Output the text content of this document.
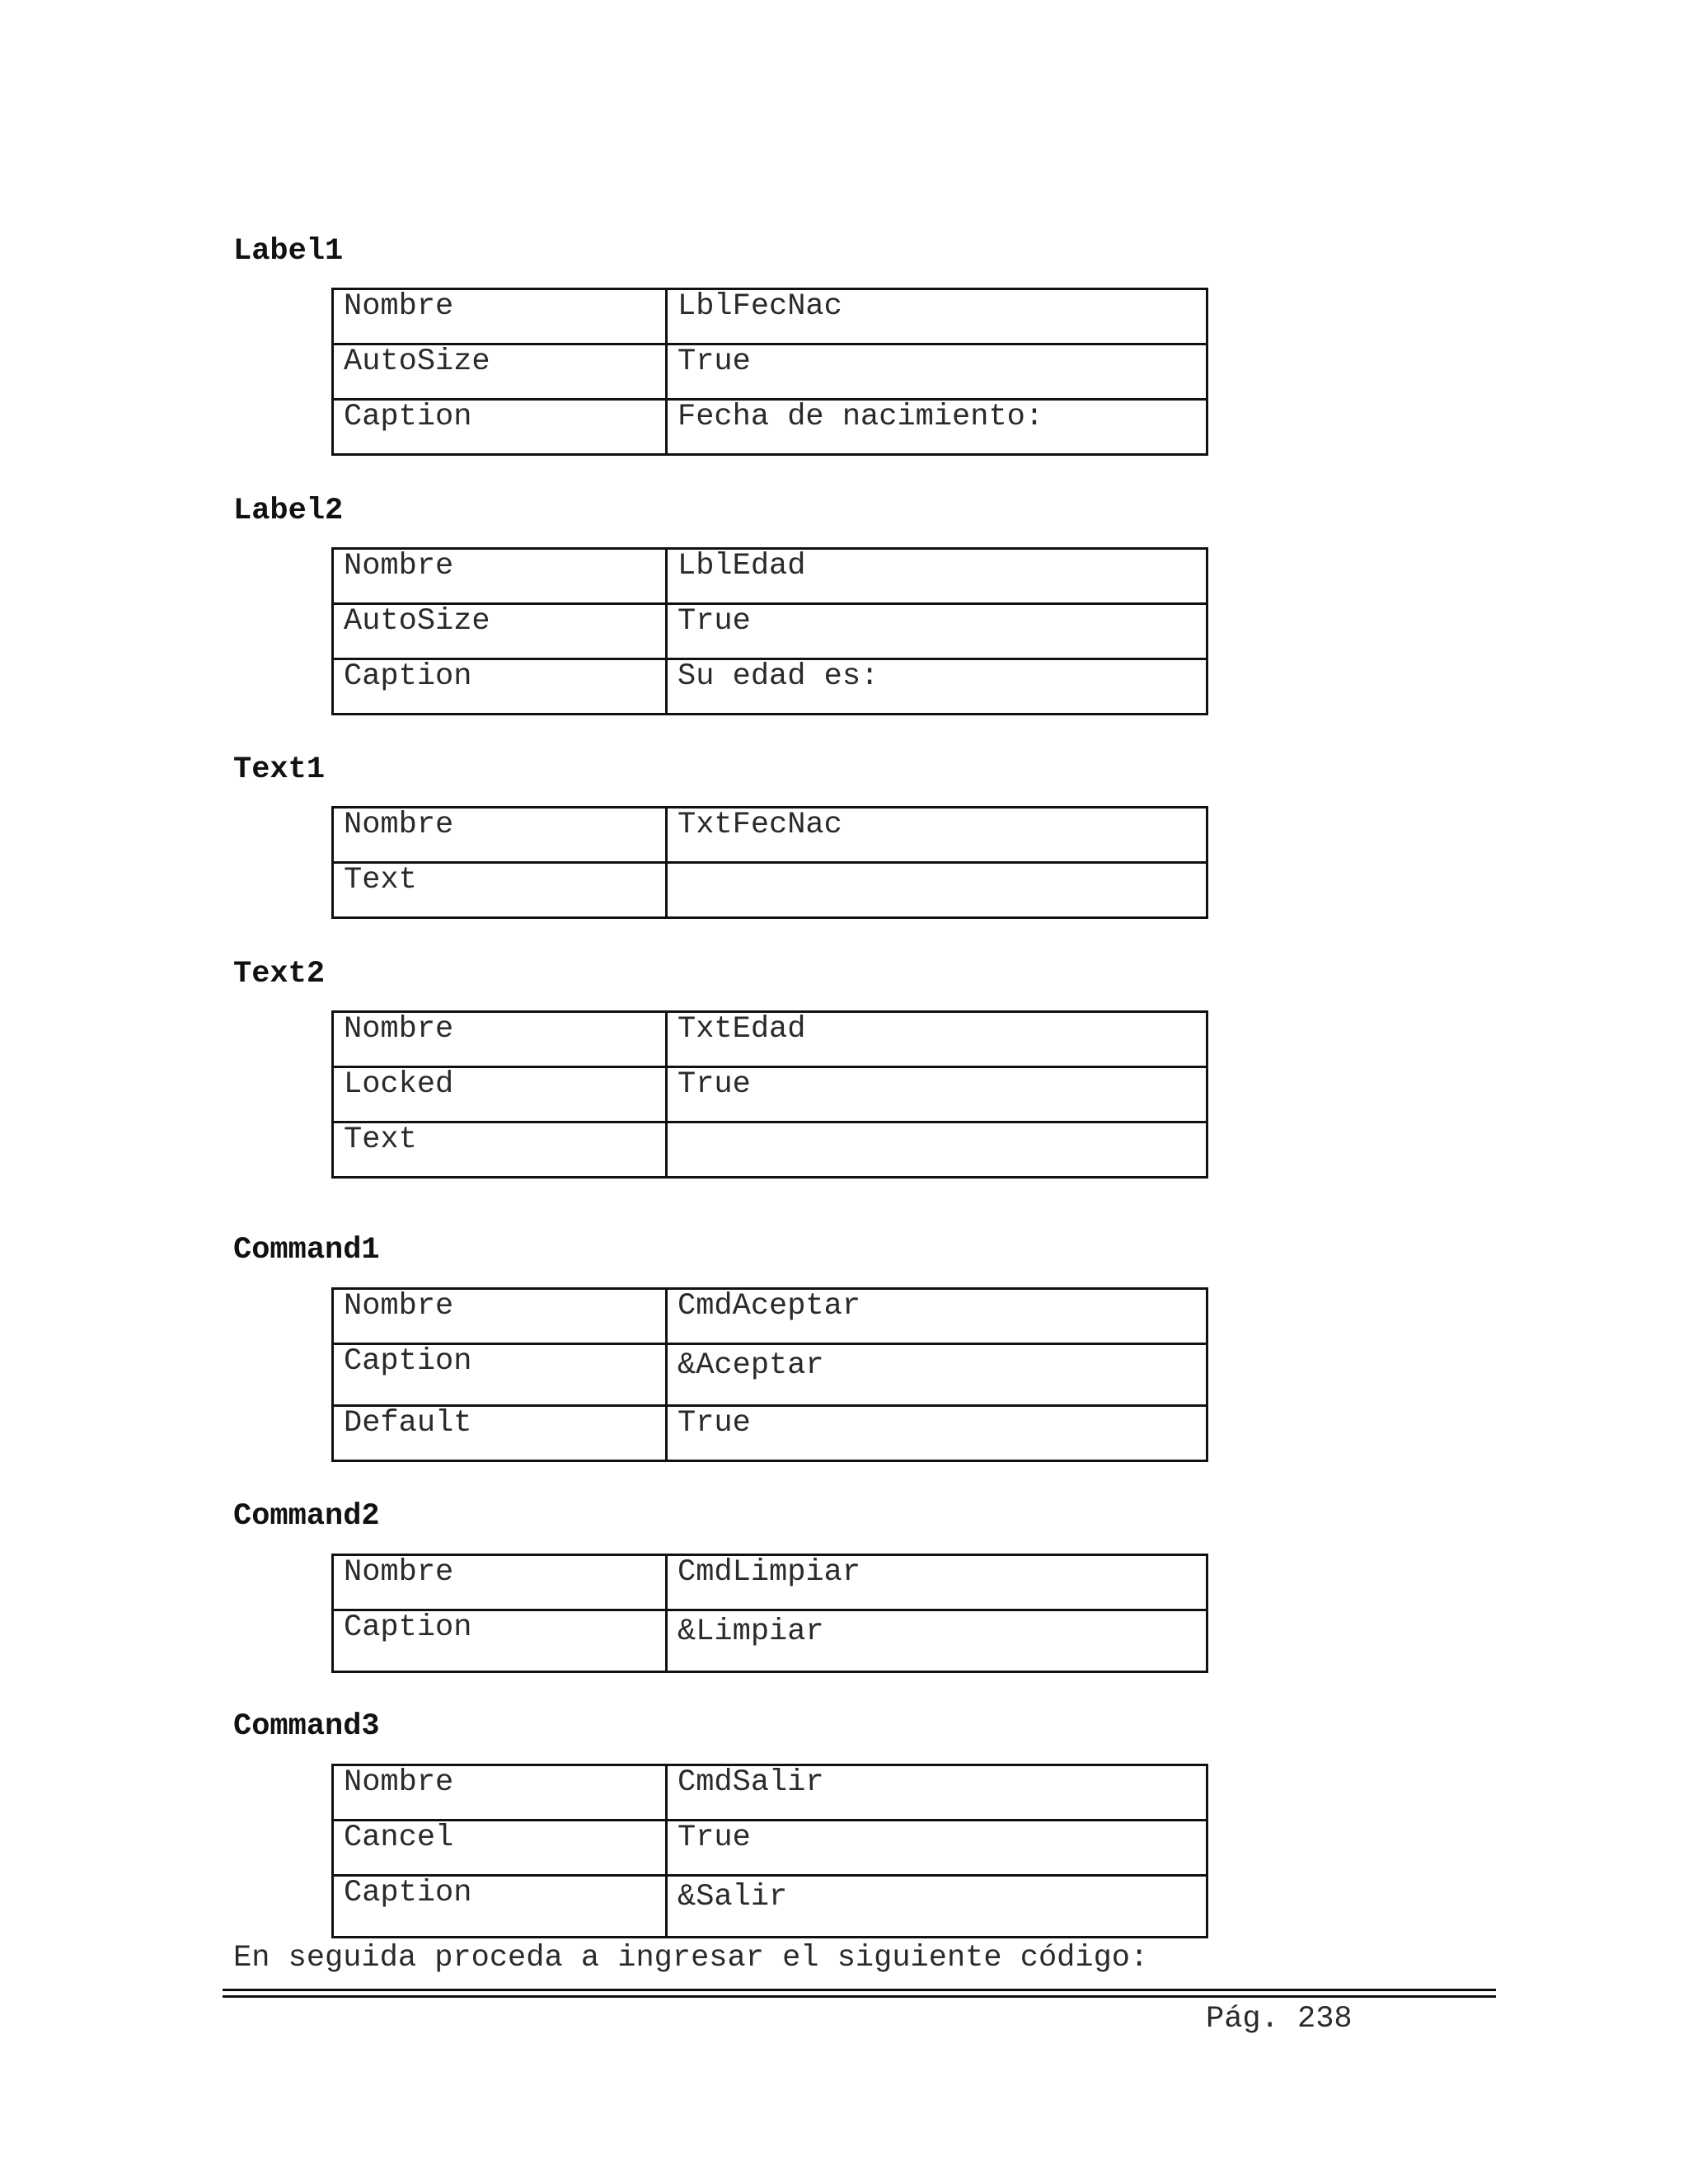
Label1
Nombre	LblFecNac
AutoSize	True
Caption	Fecha de nacimiento:
Label2
Nombre	LblEdad
AutoSize	True
Caption	Su edad es:
Text1
Nombre	TxtFecNac
Text	
Text2
Nombre	TxtEdad
Locked	True
Text	
Command1
Nombre	CmdAceptar
Caption	&Aceptar
Default	True
Command2
Nombre	CmdLimpiar
Caption	&Limpiar
Command3
Nombre	CmdSalir
Cancel	True
Caption	&Salir

En seguida proceda a ingresar el siguiente código:

Pág. 238
